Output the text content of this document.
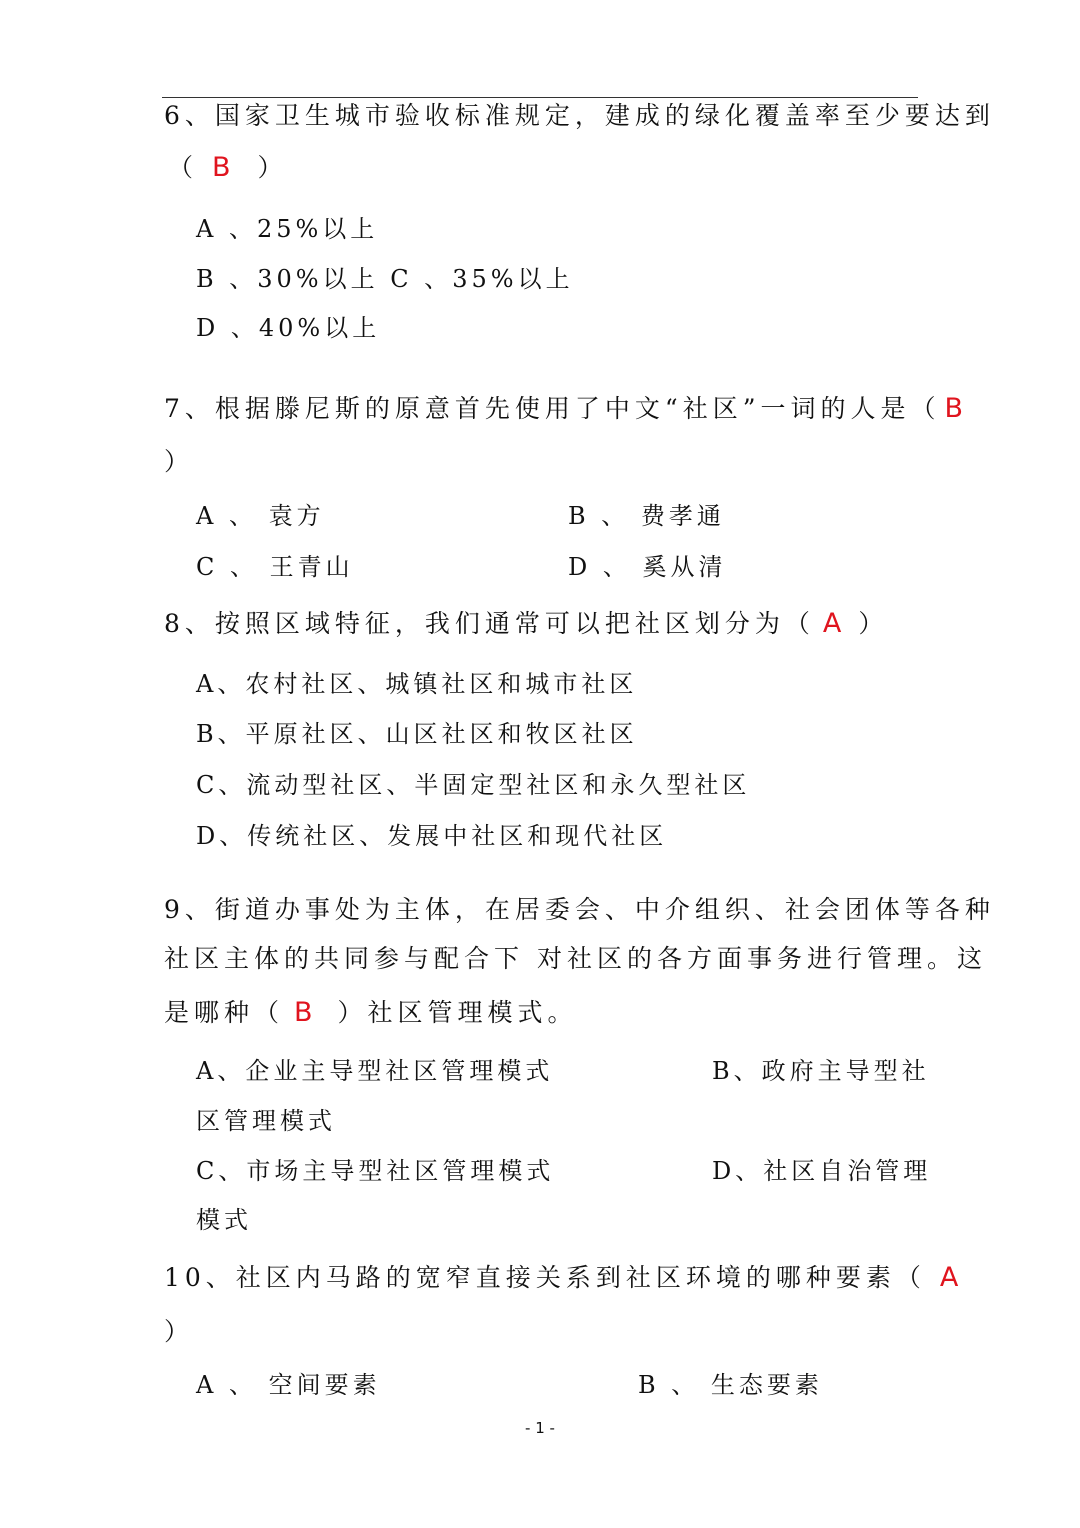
6、国家卫生城市验收标准规定，建成的绿化覆盖率至少要达到
（ B ）
A 、25%以上
B 、30%以上 C 、35%以上
D 、40%以上
7、根据滕尼斯的原意首先使用了中文“社区”一词的人是（ B
）
A 、 袁方	B 、 费孝通
C 、 王青山	D 、 奚从清
8、按照区域特征，我们通常可以把社区划分为（ A ）
A、农村社区、城镇社区和城市社区
B、平原社区、山区社区和牧区社区
C、流动型社区、半固定型社区和永久型社区
D、传统社区、发展中社区和现代社区
9、街道办事处为主体，在居委会、中介组织、社会团体等各种
社区主体的共同参与配合下 对社区的各方面事务进行管理。这
是哪种（ B ）社区管理模式。
A、企业主导型社区管理模式	B、政府主导型社
区管理模式
C、市场主导型社区管理模式	D、社区自治管理
模式
10、社区内马路的宽窄直接关系到社区环境的哪种要素（ A
）
A 、 空间要素	B 、 生态要素
- 1 -
